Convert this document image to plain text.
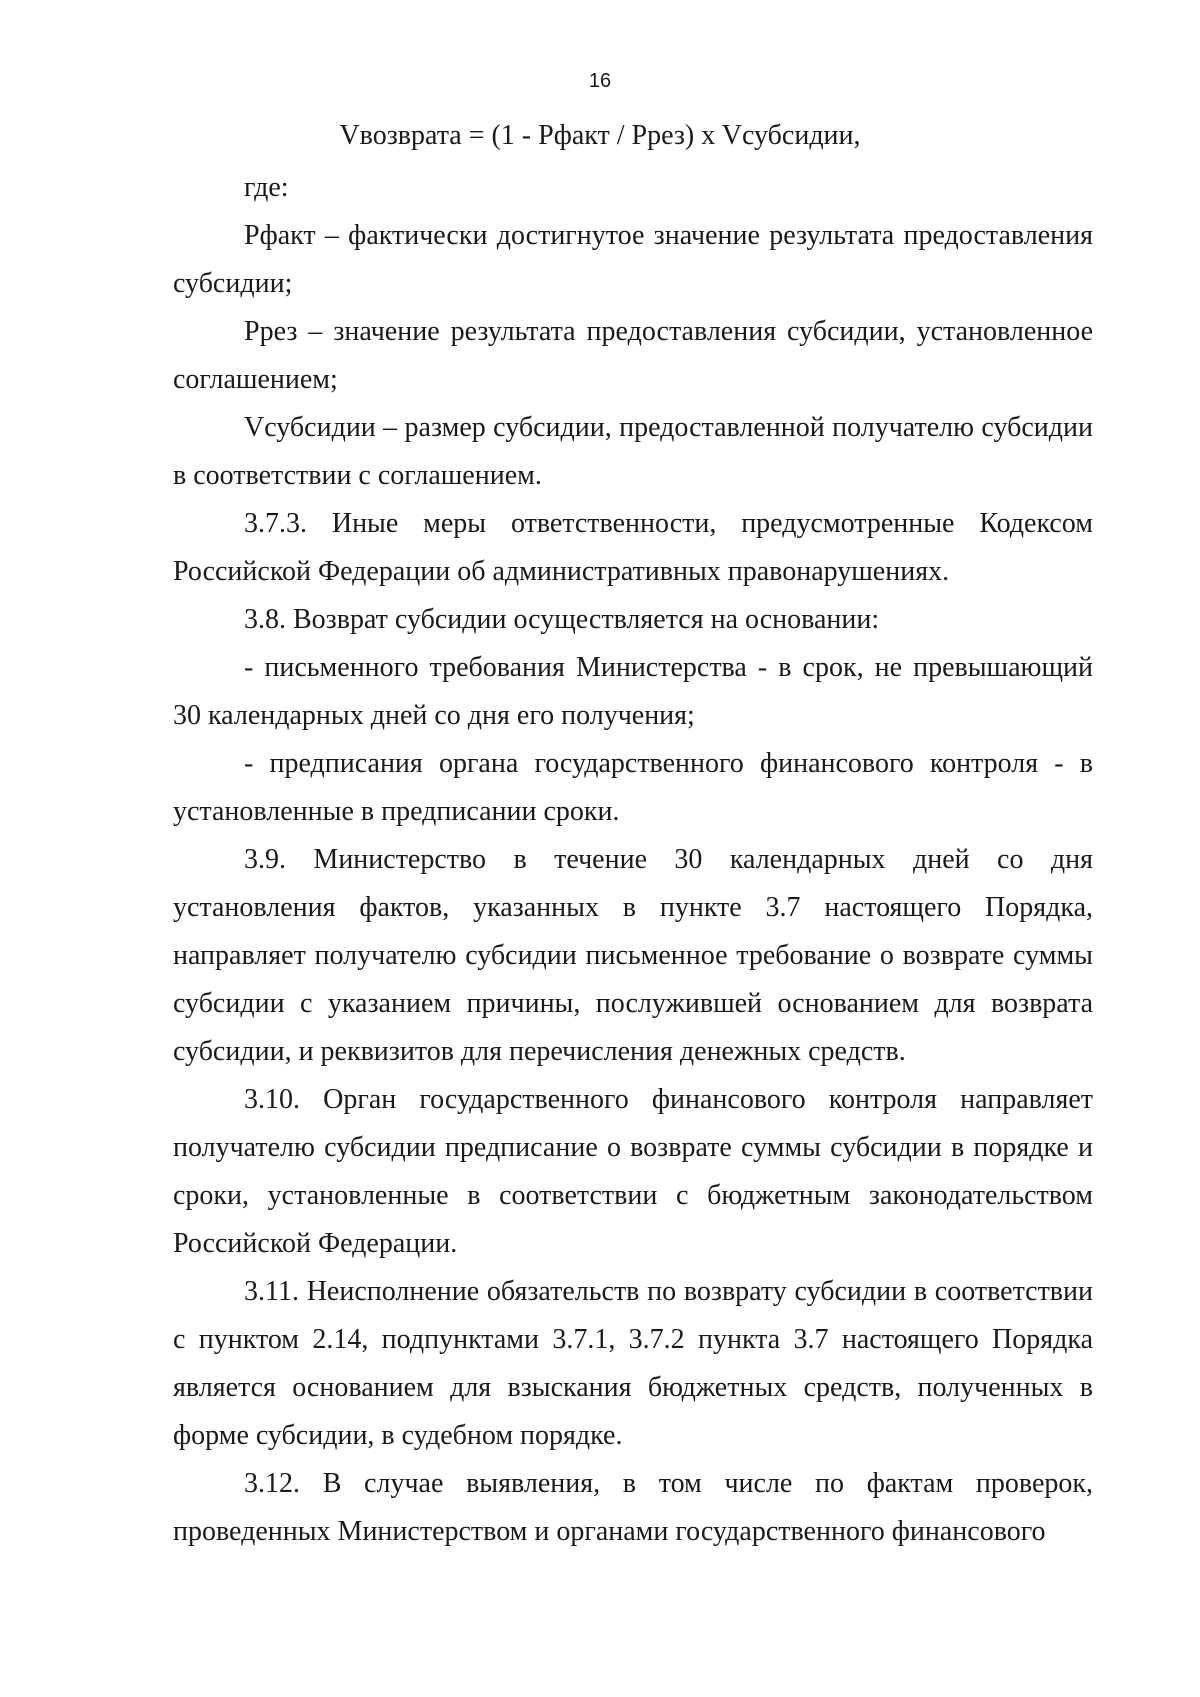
16
Vвозврата = (1 - Рфакт / Ррез) x Vсубсидии,

где:

Рфакт – фактически достигнутое значение результата предоставления субсидии;

Ррез – значение результата предоставления субсидии, установленное соглашением;

Vсубсидии – размер субсидии, предоставленной получателю субсидии в соответствии с соглашением.

3.7.3. Иные меры ответственности, предусмотренные Кодексом Российской Федерации об административных правонарушениях.

3.8. Возврат субсидии осуществляется на основании:

- письменного требования Министерства - в срок, не превышающий 30 календарных дней со дня его получения;

- предписания органа государственного финансового контроля - в установленные в предписании сроки.

3.9. Министерство в течение 30 календарных дней со дня установления фактов, указанных в пункте 3.7 настоящего Порядка, направляет получателю субсидии письменное требование о возврате суммы субсидии с указанием причины, послужившей основанием для возврата субсидии, и реквизитов для перечисления денежных средств.

3.10. Орган государственного финансового контроля направляет получателю субсидии предписание о возврате суммы субсидии в порядке и сроки, установленные в соответствии с бюджетным законодательством Российской Федерации.

3.11. Неисполнение обязательств по возврату субсидии в соответствии с пунктом 2.14, подпунктами 3.7.1, 3.7.2 пункта 3.7 настоящего Порядка является основанием для взыскания бюджетных средств, полученных в форме субсидии, в судебном порядке.

3.12. В случае выявления, в том числе по фактам проверок, проведенных Министерством и органами государственного финансового
